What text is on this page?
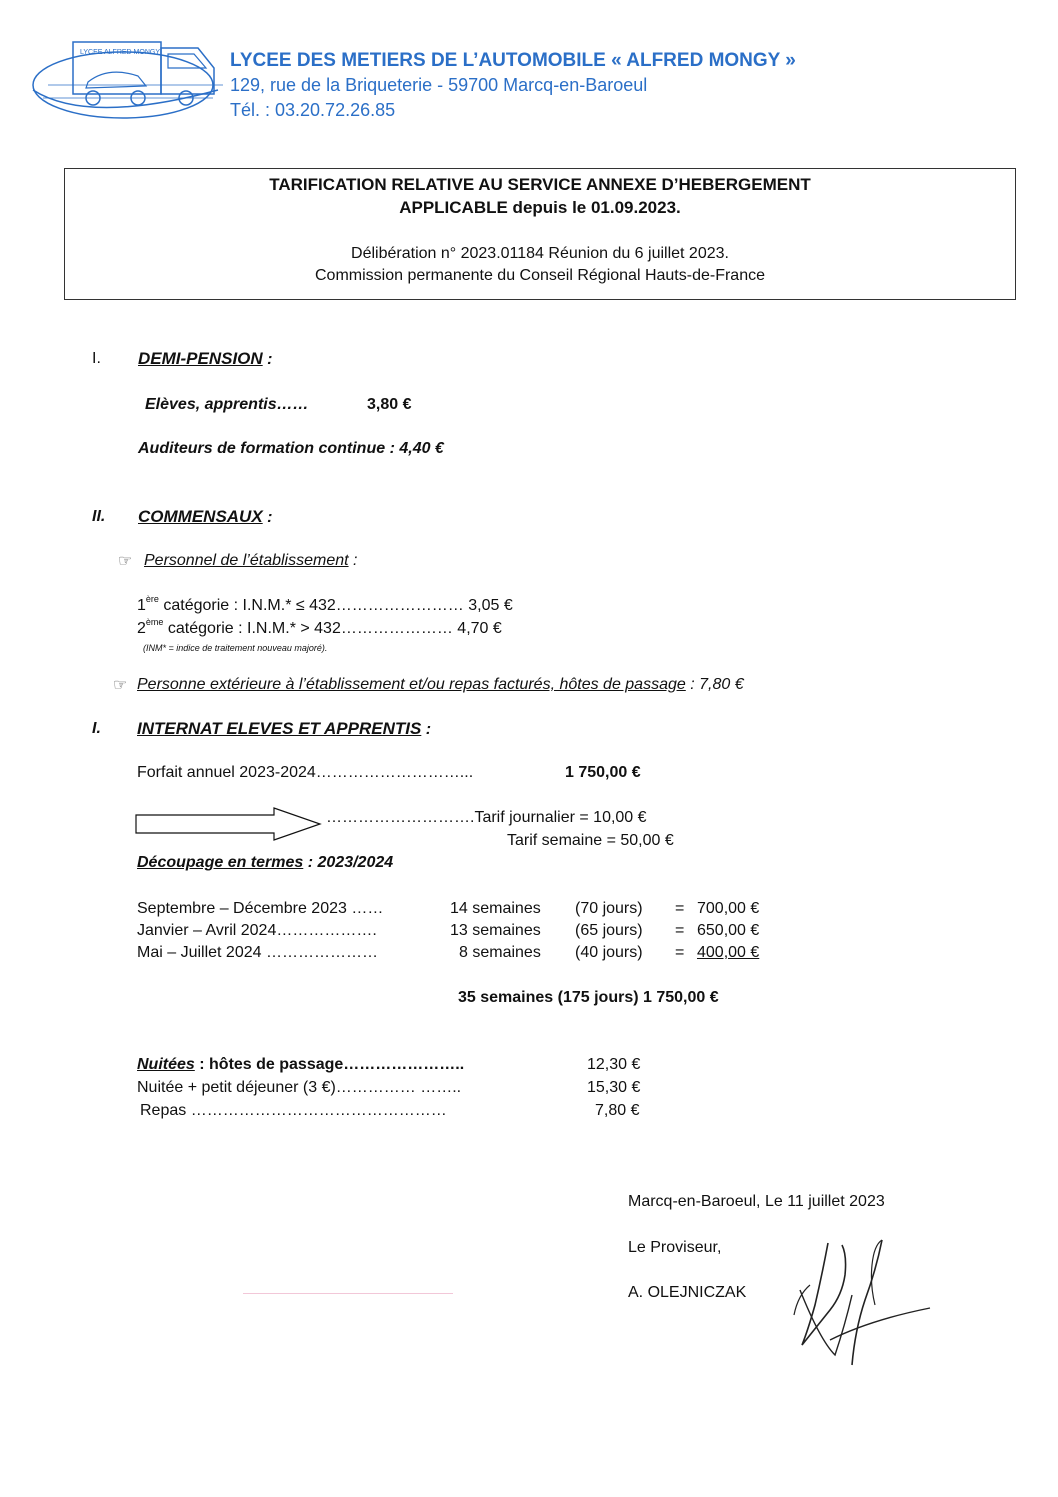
LYCEE ALFRED MONGY	LYCEE DES METIERS DE L’AUTOMOBILE « ALFRED MONGY »
129, rue de la Briqueterie - 59700 Marcq-en-Baroeul
Tél. : 03.20.72.26.85
TARIFICATION RELATIVE AU SERVICE ANNEXE D’HEBERGEMENT
APPLICABLE depuis le 01.09.2023.
Délibération n° 2023.01184 Réunion du 6 juillet 2023.
Commission permanente du Conseil Régional Hauts-de-France
I. DEMI-PENSION :
Elèves, apprentis……	3,80 €
Auditeurs de formation continue : 4,40 €
II. COMMENSAUX :
☞ Personnel de l’établissement :
1ère catégorie : I.N.M.* ≤ 432…………………… 3,05 €
2ème catégorie : I.N.M.* > 432………………… 4,70 €
(INM* = indice de traitement nouveau majoré).
☞ Personne extérieure à l’établissement et/ou repas facturés, hôtes de passage : 7,80 €
I. INTERNAT ELEVES ET APPRENTIS :
Forfait annuel 2023-2024………………………...	1 750,00 €
……………………….Tarif journalier = 10,00 €
Tarif semaine = 50,00 €
Découpage en termes : 2023/2024
Septembre – Décembre 2023 ……	14 semaines (70 jours) = 700,00 €
Janvier – Avril 2024……………….	13 semaines (65 jours) = 650,00 €
Mai – Juillet 2024 …………………	8 semaines (40 jours) = 400,00 €
35 semaines (175 jours) 1 750,00 €
Nuitées : hôtes de passage…………………..	12,30 €
Nuitée + petit déjeuner (3 €)…………… ……..	15,30 €
Repas …………………………………………	7,80 €
Marcq-en-Baroeul, Le 11 juillet 2023
Le Proviseur,
A. OLEJNICZAK
